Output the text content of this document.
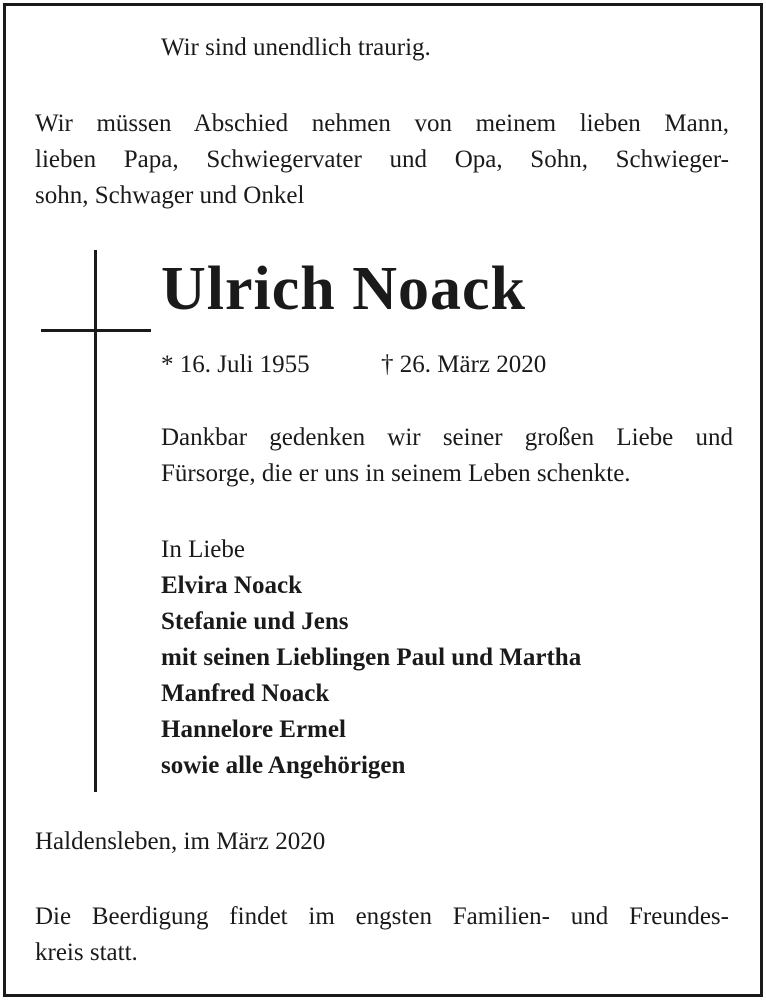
Wir sind unendlich traurig.

Wir müssen Abschied nehmen von meinem lieben Mann,

lieben Papa, Schwiegervater und Opa, Sohn, Schwieger-

sohn, Schwager und Onkel

Ulrich Noack

* 16. Juli 1955	† 26. März 2020

Dankbar gedenken wir seiner großen Liebe und

Fürsorge, die er uns in seinem Leben schenkte.

In Liebe

Elvira Noack

Stefanie und Jens

mit seinen Lieblingen Paul und Martha

Manfred Noack

Hannelore Ermel

sowie alle Angehörigen

Haldensleben, im März 2020

Die Beerdigung findet im engsten Familien- und Freundes-

kreis statt.
